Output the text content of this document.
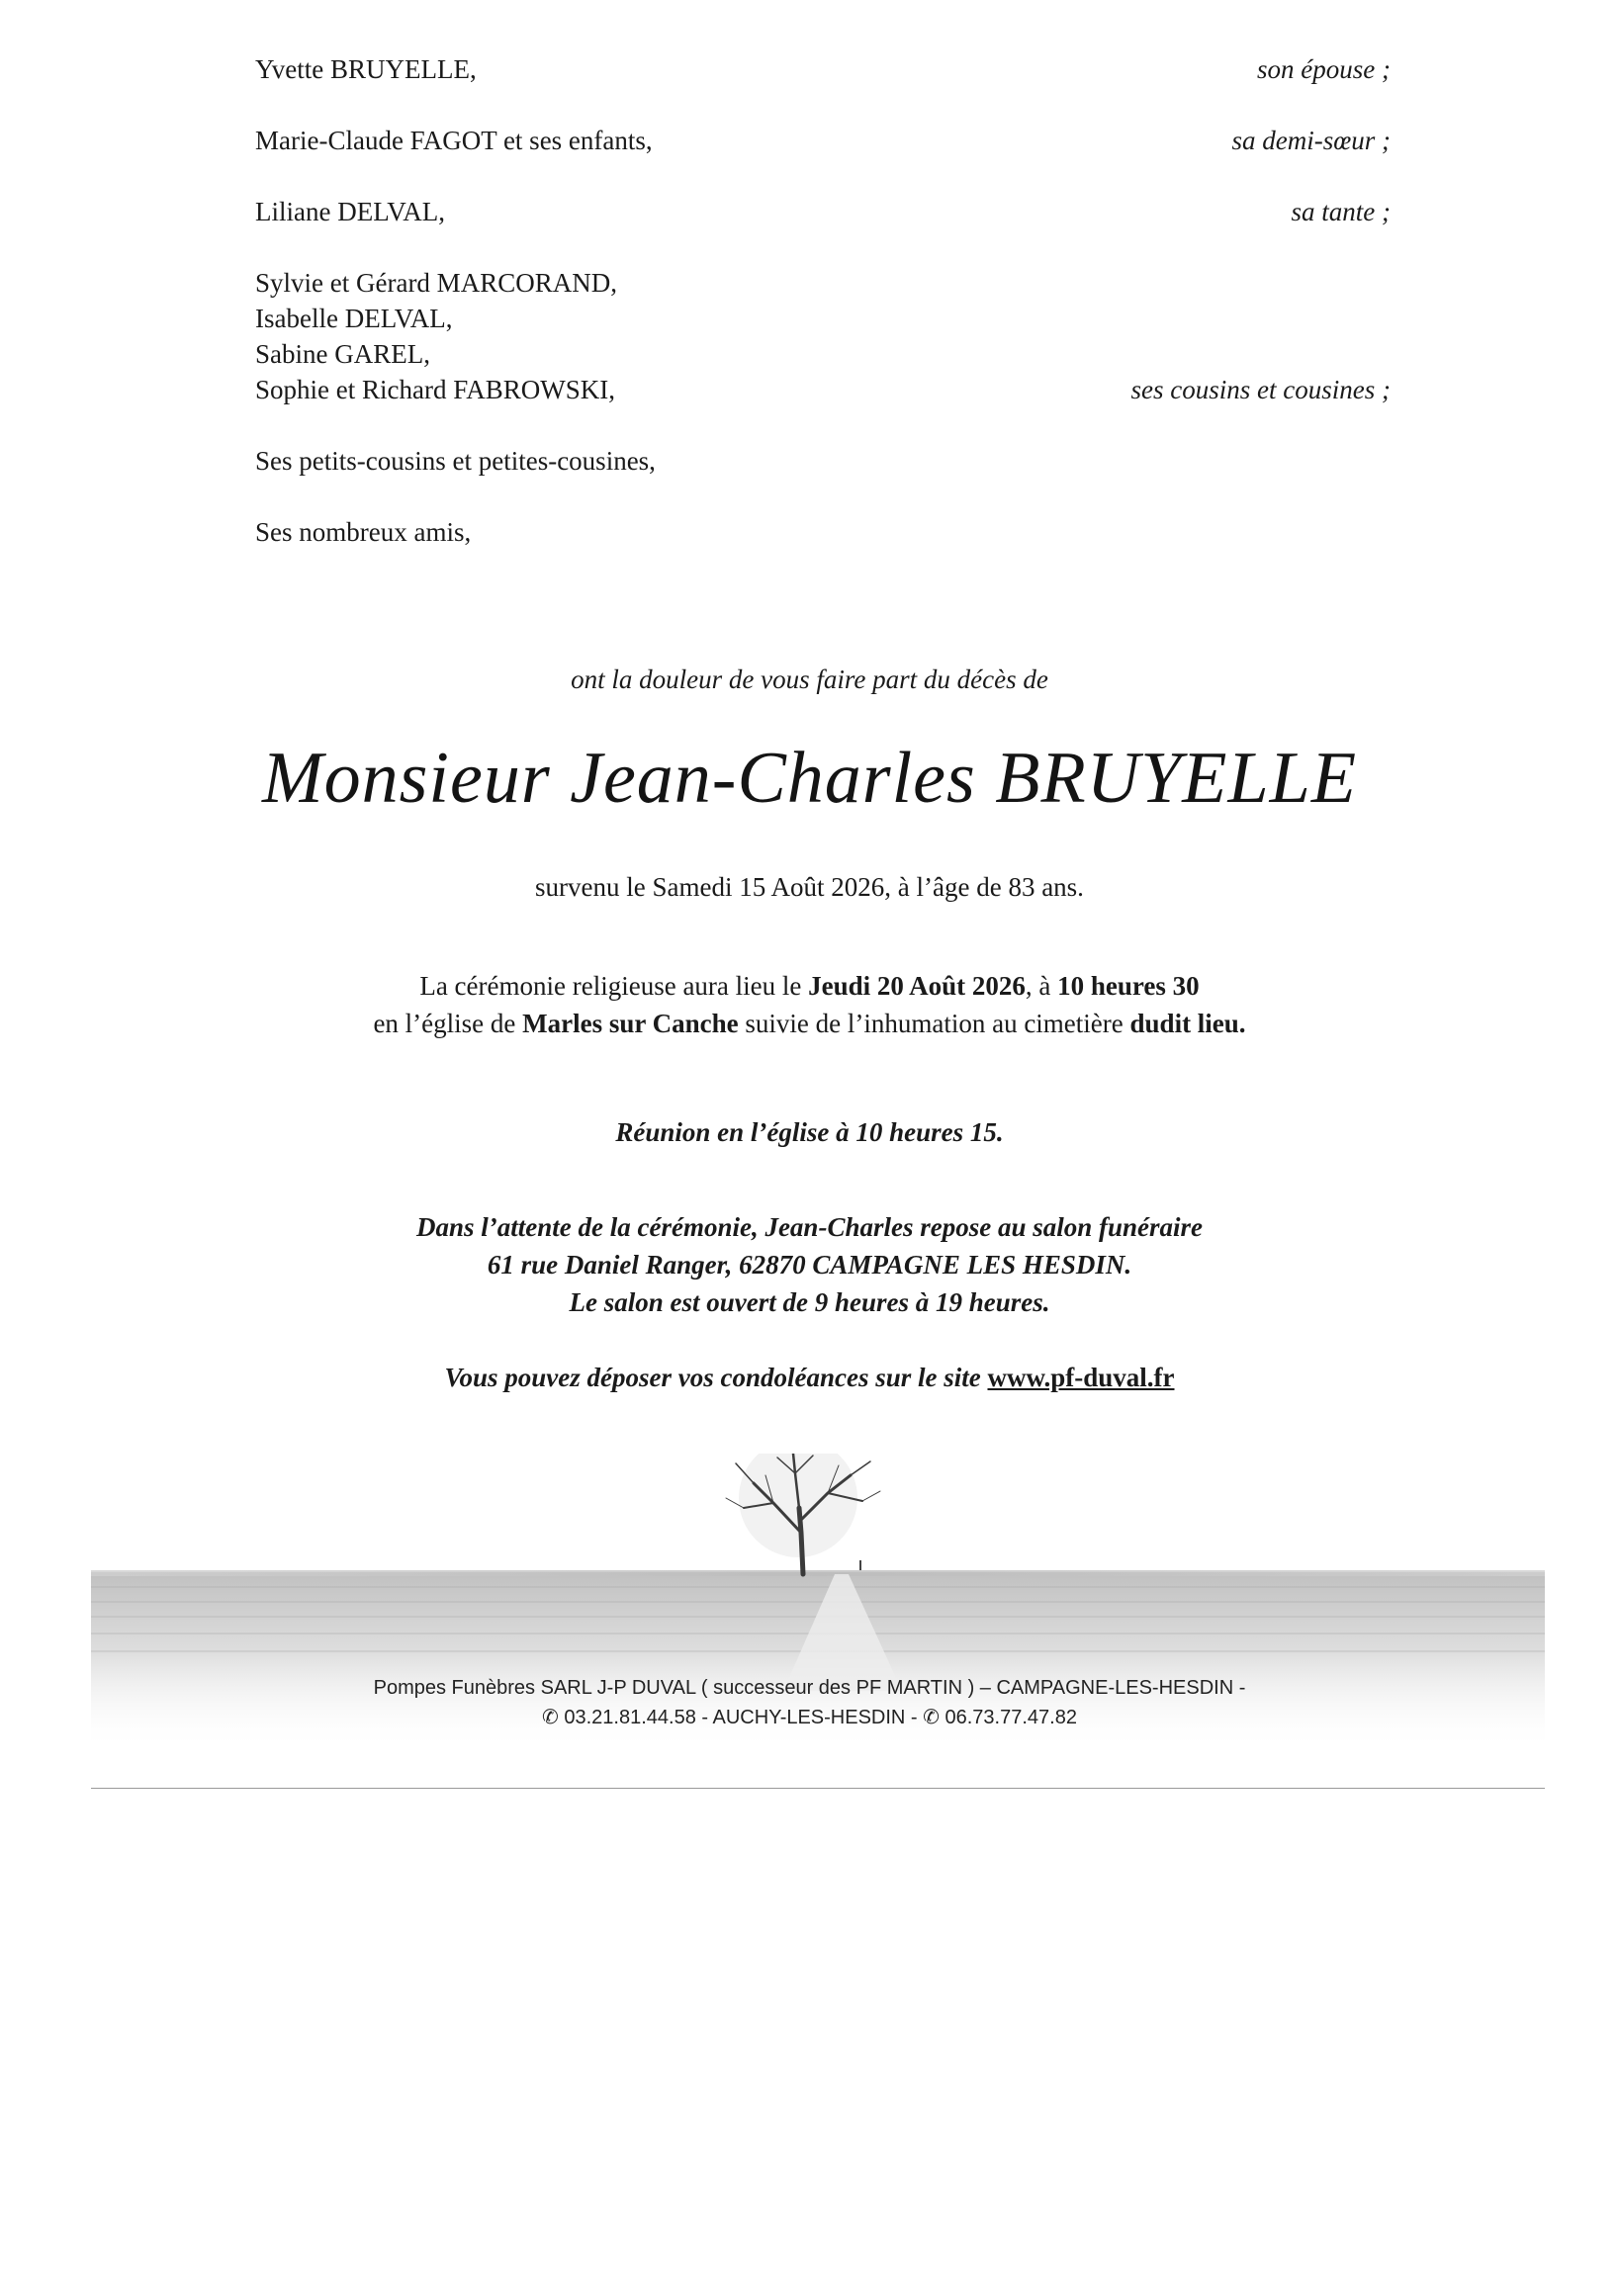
Yvette BRUYELLE,	son épouse ;
Marie-Claude FAGOT et ses enfants,	sa demi-sœur ;
Liliane DELVAL,	sa tante ;
Sylvie et Gérard MARCORAND,
Isabelle DELVAL,
Sabine GAREL,
Sophie et Richard FABROWSKI,	ses cousins et cousines ;
Ses petits-cousins et petites-cousines,
Ses nombreux amis,
ont la douleur de vous faire part du décès de
Monsieur Jean-Charles BRUYELLE
survenu le Samedi 15 Août 2026, à l’âge de 83 ans.
La cérémonie religieuse aura lieu le Jeudi 20 Août 2026, à 10 heures 30
en l’église de Marles sur Canche suivie de l’inhumation au cimetière dudit lieu.
Réunion en l’église à 10 heures 15.
Dans l’attente de la cérémonie, Jean-Charles repose au salon funéraire
61 rue Daniel Ranger, 62870 CAMPAGNE LES HESDIN.
Le salon est ouvert de 9 heures à 19 heures.
Vous pouvez déposer vos condoléances sur le site www.pf-duval.fr
Pompes Funèbres SARL J-P DUVAL ( successeur des PF MARTIN ) – CAMPAGNE-LES-HESDIN -
✆ 03.21.81.44.58 - AUCHY-LES-HESDIN - ✆ 06.73.77.47.82
